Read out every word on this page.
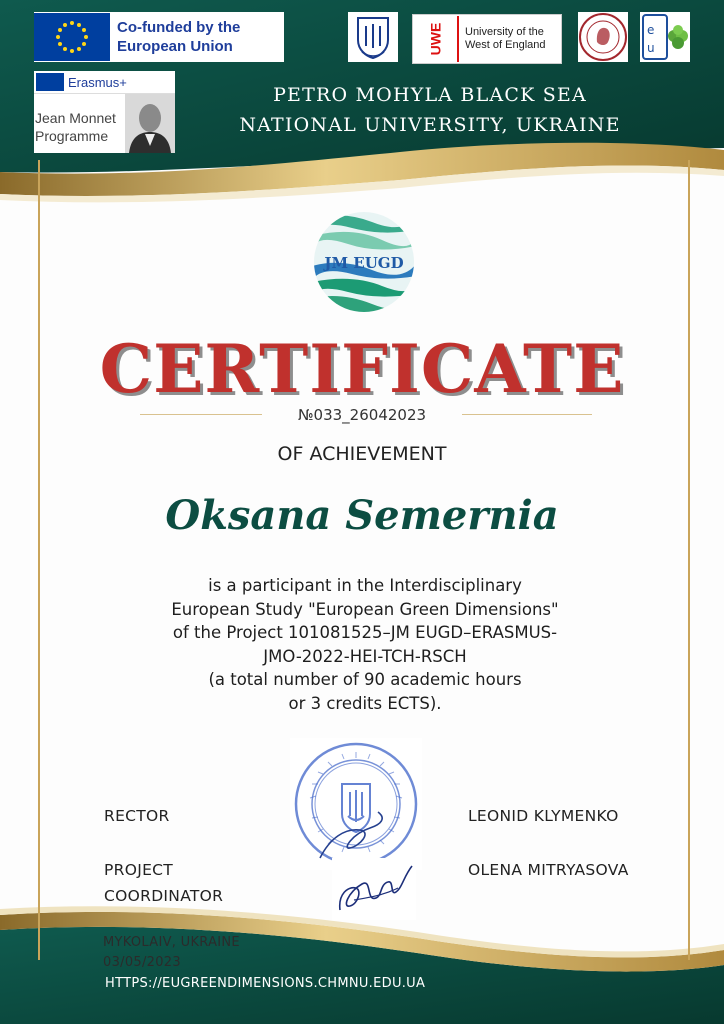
Co-funded by the European Union
Erasmus+
Jean Monnet Programme
UWE	University of the West of England
e
u
PETRO MOHYLA BLACK SEA
NATIONAL UNIVERSITY, UKRAINE
JM EUGD
CERTIFICATE
№033_26042023
OF ACHIEVEMENT
Oksana Semernia
is a participant in the Interdisciplinary
European Study "European Green Dimensions"
of the Project 101081525–JM EUGD–ERASMUS-
JMO-2022-HEI-TCH-RSCH
(a total number of 90 academic hours
or 3 credits ECTS).
RECTOR	LEONID KLYMENKO
PROJECT
COORDINATOR
OLENA MITRYASOVA
MYKOLAIV, UKRAINE
03/05/2023
HTTPS://EUGREENDIMENSIONS.CHMNU.EDU.UA
